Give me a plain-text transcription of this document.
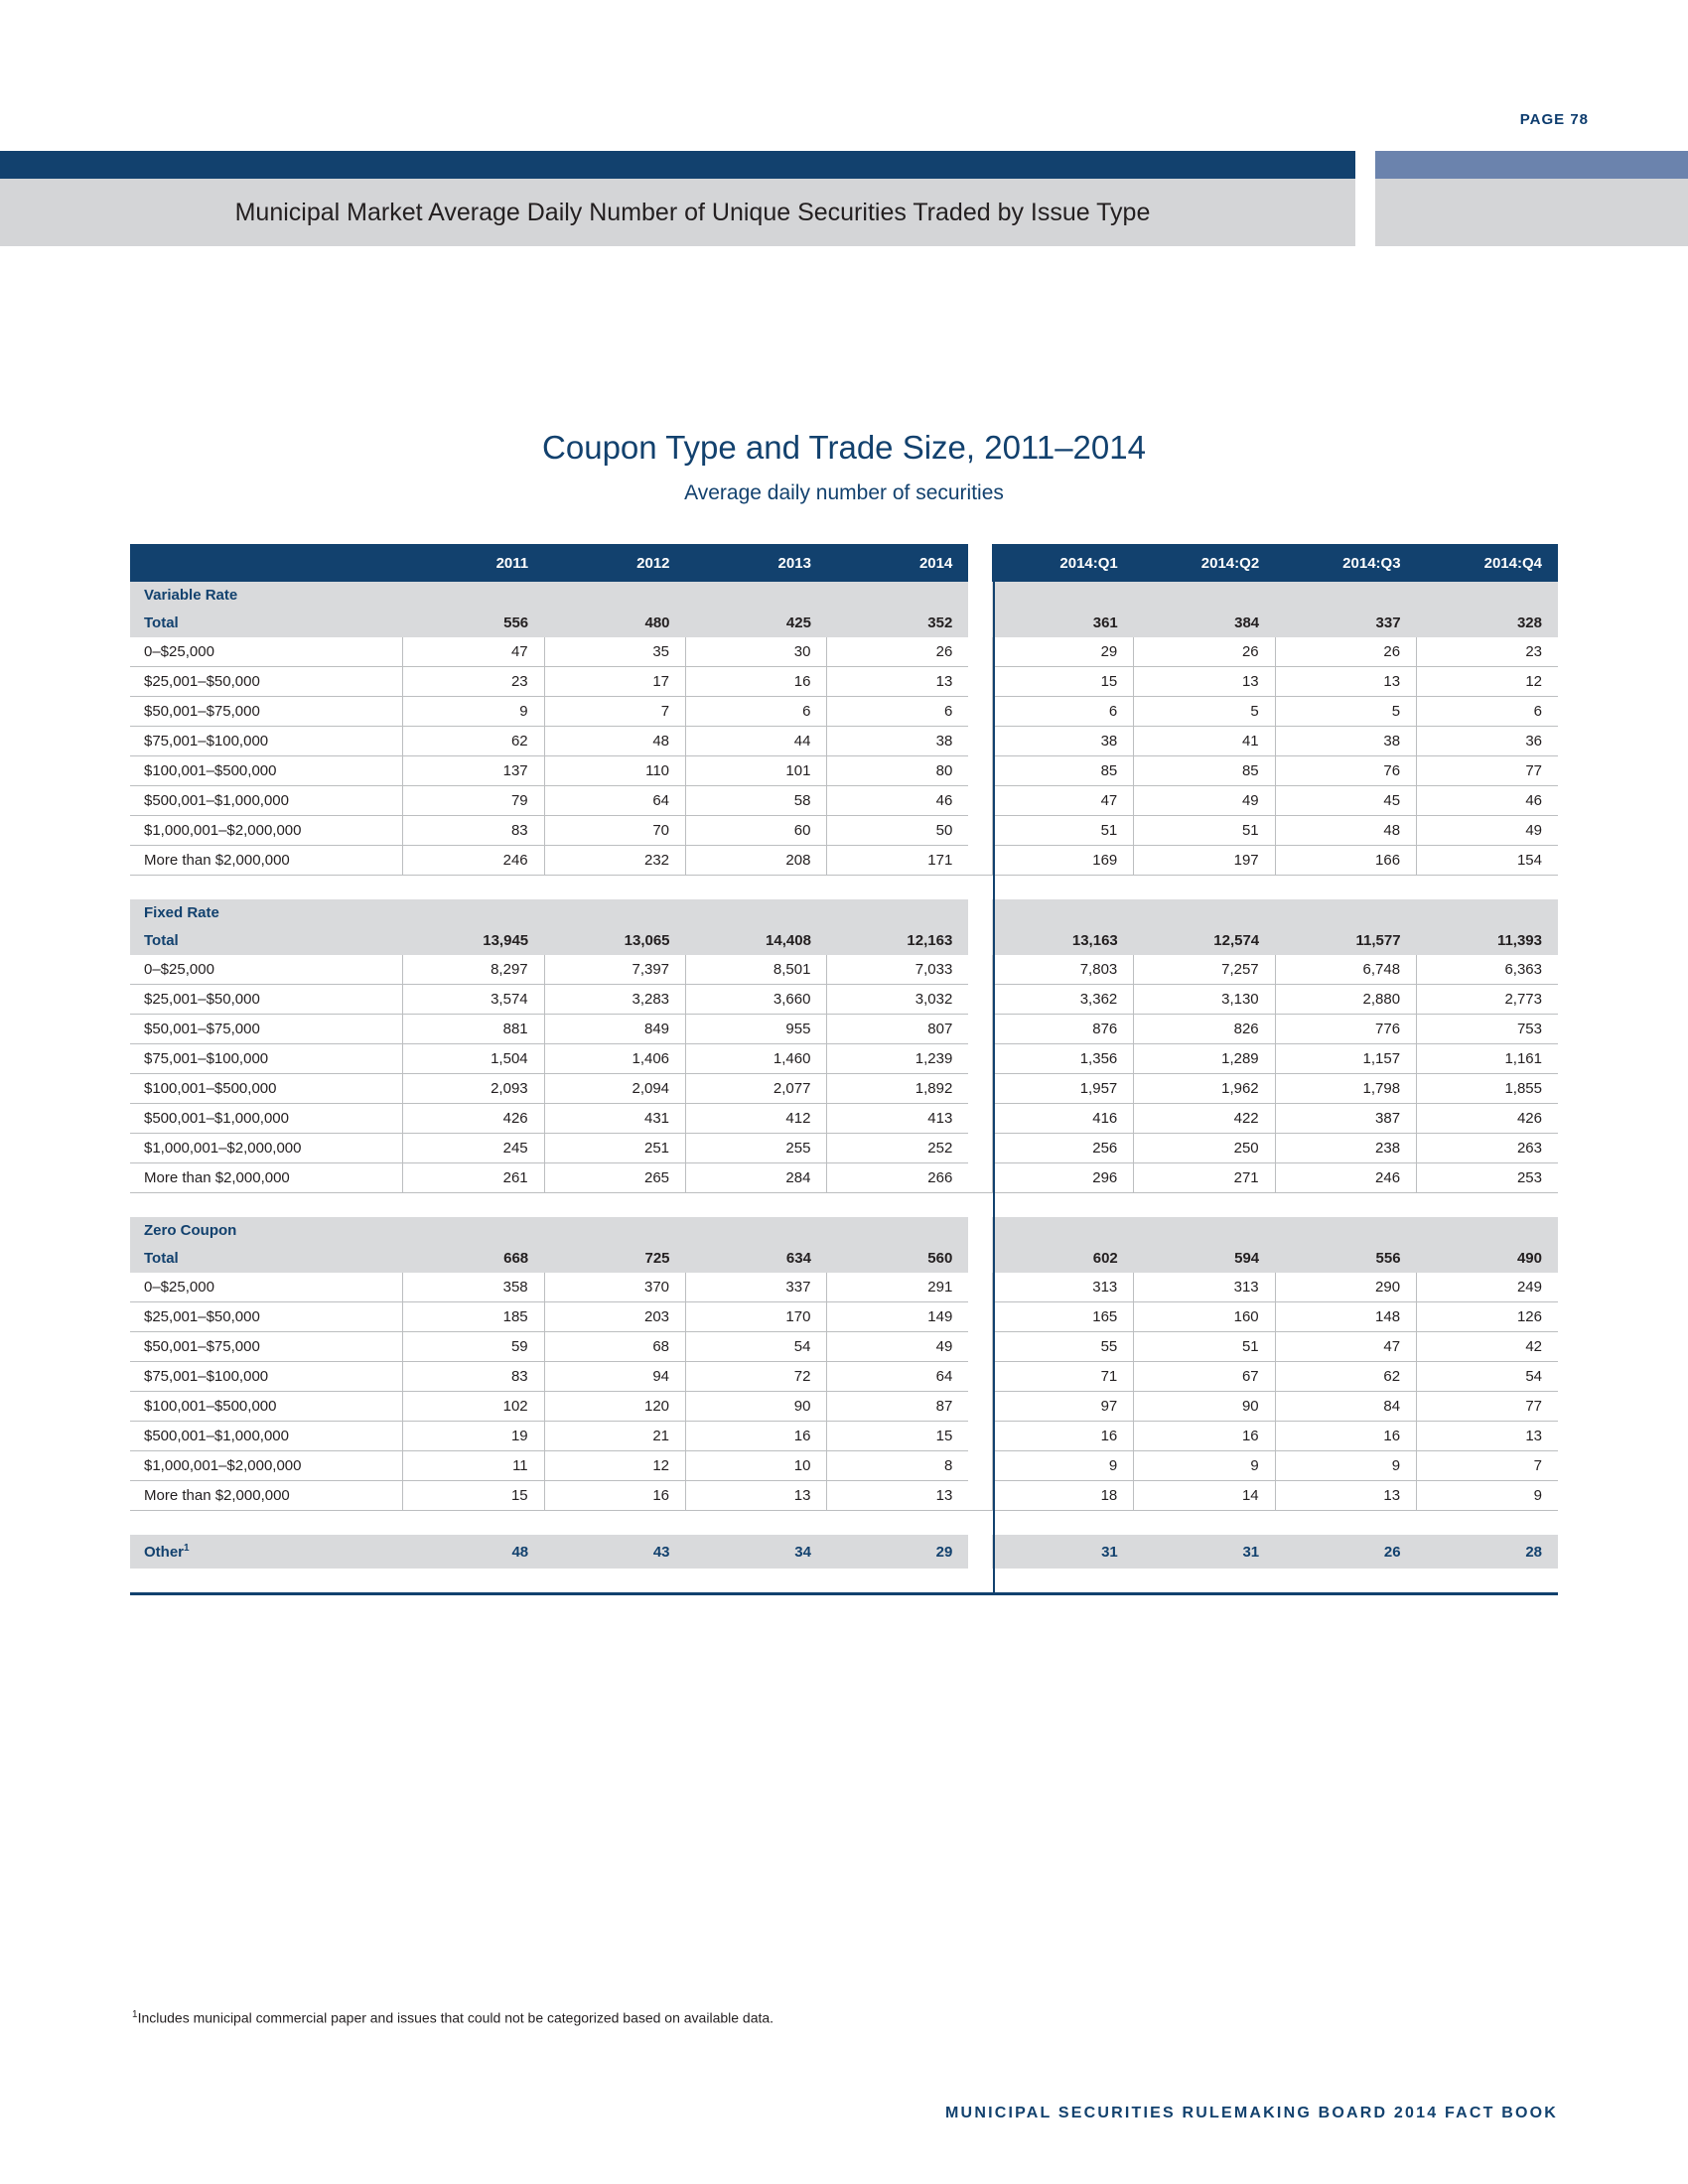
PAGE 78
Municipal Market Average Daily Number of Unique Securities Traded by Issue Type
Coupon Type and Trade Size, 2011–2014
Average daily number of securities
	2011	2012	2013	2014		2014:Q1	2014:Q2	2014:Q3	2014:Q4
Variable Rate									
Total	556	480	425	352		361	384	337	328
0–$25,000	47	35	30	26		29	26	26	23
$25,001–$50,000	23	17	16	13		15	13	13	12
$50,001–$75,000	9	7	6	6		6	5	5	6
$75,001–$100,000	62	48	44	38		38	41	38	36
$100,001–$500,000	137	110	101	80		85	85	76	77
$500,001–$1,000,000	79	64	58	46		47	49	45	46
$1,000,001–$2,000,000	83	70	60	50		51	51	48	49
More than $2,000,000	246	232	208	171		169	197	166	154

Fixed Rate									
Total	13,945	13,065	14,408	12,163		13,163	12,574	11,577	11,393
0–$25,000	8,297	7,397	8,501	7,033		7,803	7,257	6,748	6,363
$25,001–$50,000	3,574	3,283	3,660	3,032		3,362	3,130	2,880	2,773
$50,001–$75,000	881	849	955	807		876	826	776	753
$75,001–$100,000	1,504	1,406	1,460	1,239		1,356	1,289	1,157	1,161
$100,001–$500,000	2,093	2,094	2,077	1,892		1,957	1,962	1,798	1,855
$500,001–$1,000,000	426	431	412	413		416	422	387	426
$1,000,001–$2,000,000	245	251	255	252		256	250	238	263
More than $2,000,000	261	265	284	266		296	271	246	253

Zero Coupon									
Total	668	725	634	560		602	594	556	490
0–$25,000	358	370	337	291		313	313	290	249
$25,001–$50,000	185	203	170	149		165	160	148	126
$50,001–$75,000	59	68	54	49		55	51	47	42
$75,001–$100,000	83	94	72	64		71	67	62	54
$100,001–$500,000	102	120	90	87		97	90	84	77
$500,001–$1,000,000	19	21	16	15		16	16	16	13
$1,000,001–$2,000,000	11	12	10	8		9	9	9	7
More than $2,000,000	15	16	13	13		18	14	13	9

Other$^1$	48	43	34	29		31	31	26	28
$^1$Includes municipal commercial paper and issues that could not be categorized based on available data.
MUNICIPAL SECURITIES RULEMAKING BOARD 2014 FACT BOOK
